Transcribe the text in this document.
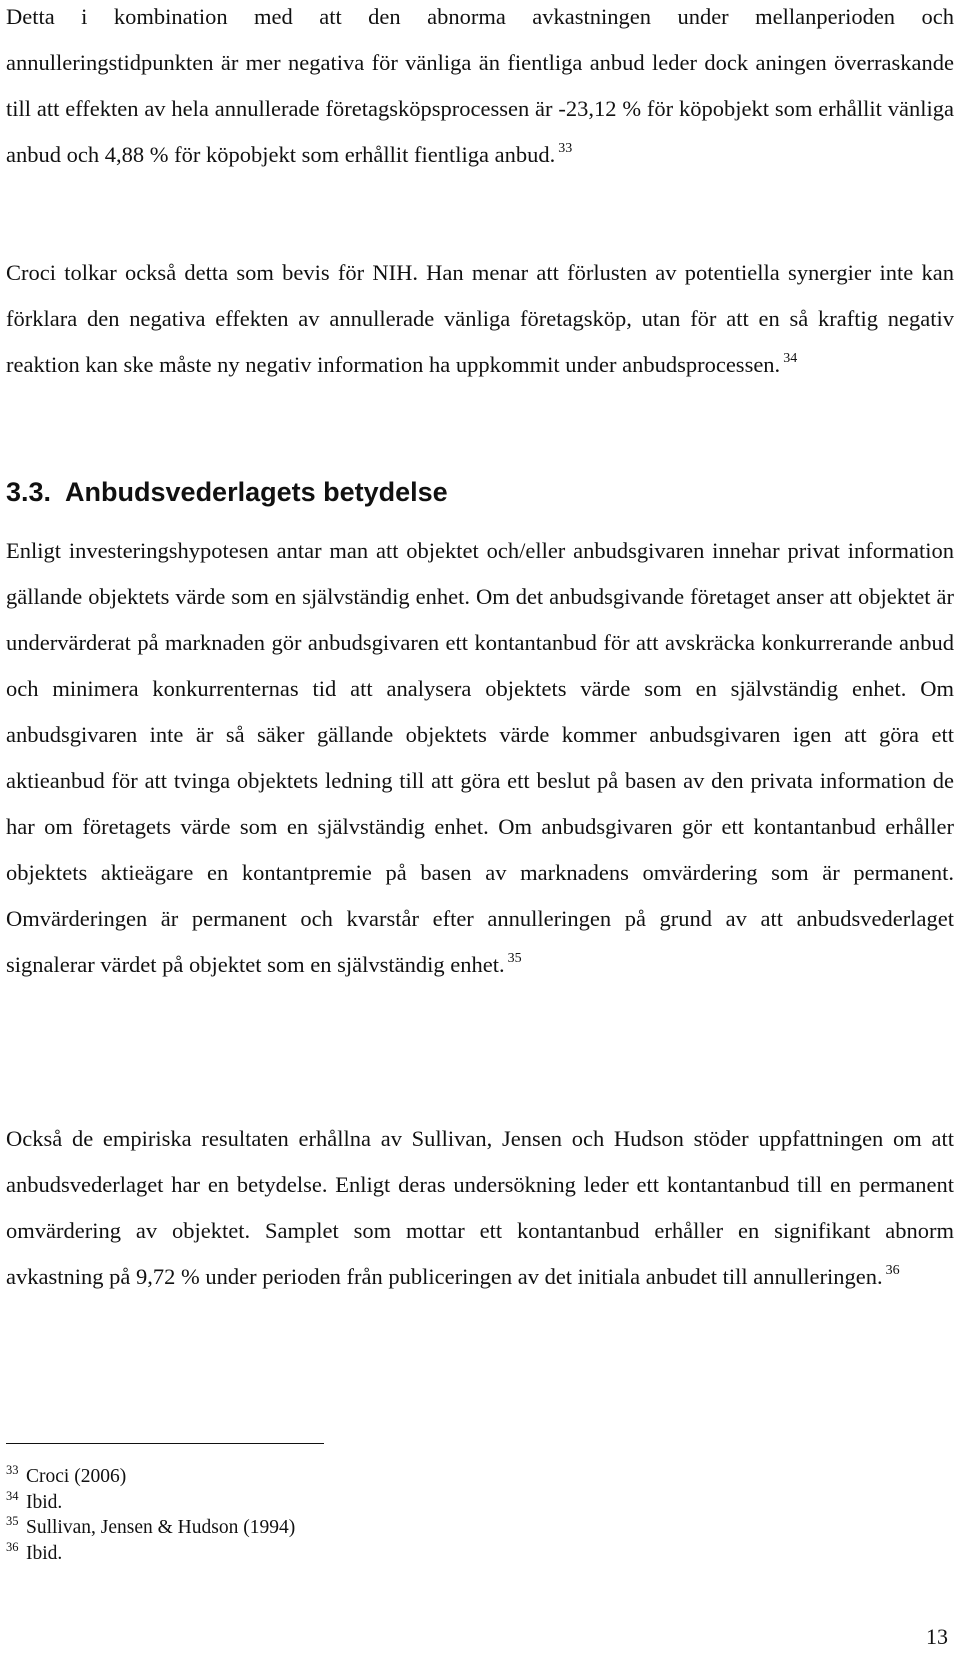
Detta i kombination med att den abnorma avkastningen under mellanperioden och annulleringstidpunkten är mer negativa för vänliga än fientliga anbud leder dock aningen överraskande till att effekten av hela annullerade företagsköpsprocessen är -23,12 % för köpobjekt som erhållit vänliga anbud och 4,88 % för köpobjekt som erhållit fientliga anbud. $^{33}$

Croci tolkar också detta som bevis för NIH. Han menar att förlusten av potentiella synergier inte kan förklara den negativa effekten av annullerade vänliga företagsköp, utan för att en så kraftig negativ reaktion kan ske måste ny negativ information ha uppkommit under anbudsprocessen. $^{34}$

3.3. Anbudsvederlagets betydelse

Enligt investeringshypotesen antar man att objektet och/eller anbudsgivaren innehar privat information gällande objektets värde som en självständig enhet. Om det anbudsgivande företaget anser att objektet är undervärderat på marknaden gör anbudsgivaren ett kontantanbud för att avskräcka konkurrerande anbud och minimera konkurrenternas tid att analysera objektets värde som en självständig enhet. Om anbudsgivaren inte är så säker gällande objektets värde kommer anbudsgivaren igen att göra ett aktieanbud för att tvinga objektets ledning till att göra ett beslut på basen av den privata information de har om företagets värde som en självständig enhet. Om anbudsgivaren gör ett kontantanbud erhåller objektets aktieägare en kontantpremie på basen av marknadens omvärdering som är permanent. Omvärderingen är permanent och kvarstår efter annulleringen på grund av att anbudsvederlaget signalerar värdet på objektet som en självständig enhet. $^{35}$

Också de empiriska resultaten erhållna av Sullivan, Jensen och Hudson stöder uppfattningen om att anbudsvederlaget har en betydelse. Enligt deras undersökning leder ett kontantanbud till en permanent omvärdering av objektet. Samplet som mottar ett kontantanbud erhåller en signifikant abnorm avkastning på 9,72 % under perioden från publiceringen av det initiala anbudet till annulleringen. $^{36}$

$^{33}$ Croci (2006)
$^{34}$ Ibid.
$^{35}$ Sullivan, Jensen & Hudson (1994)
$^{36}$ Ibid.
13
